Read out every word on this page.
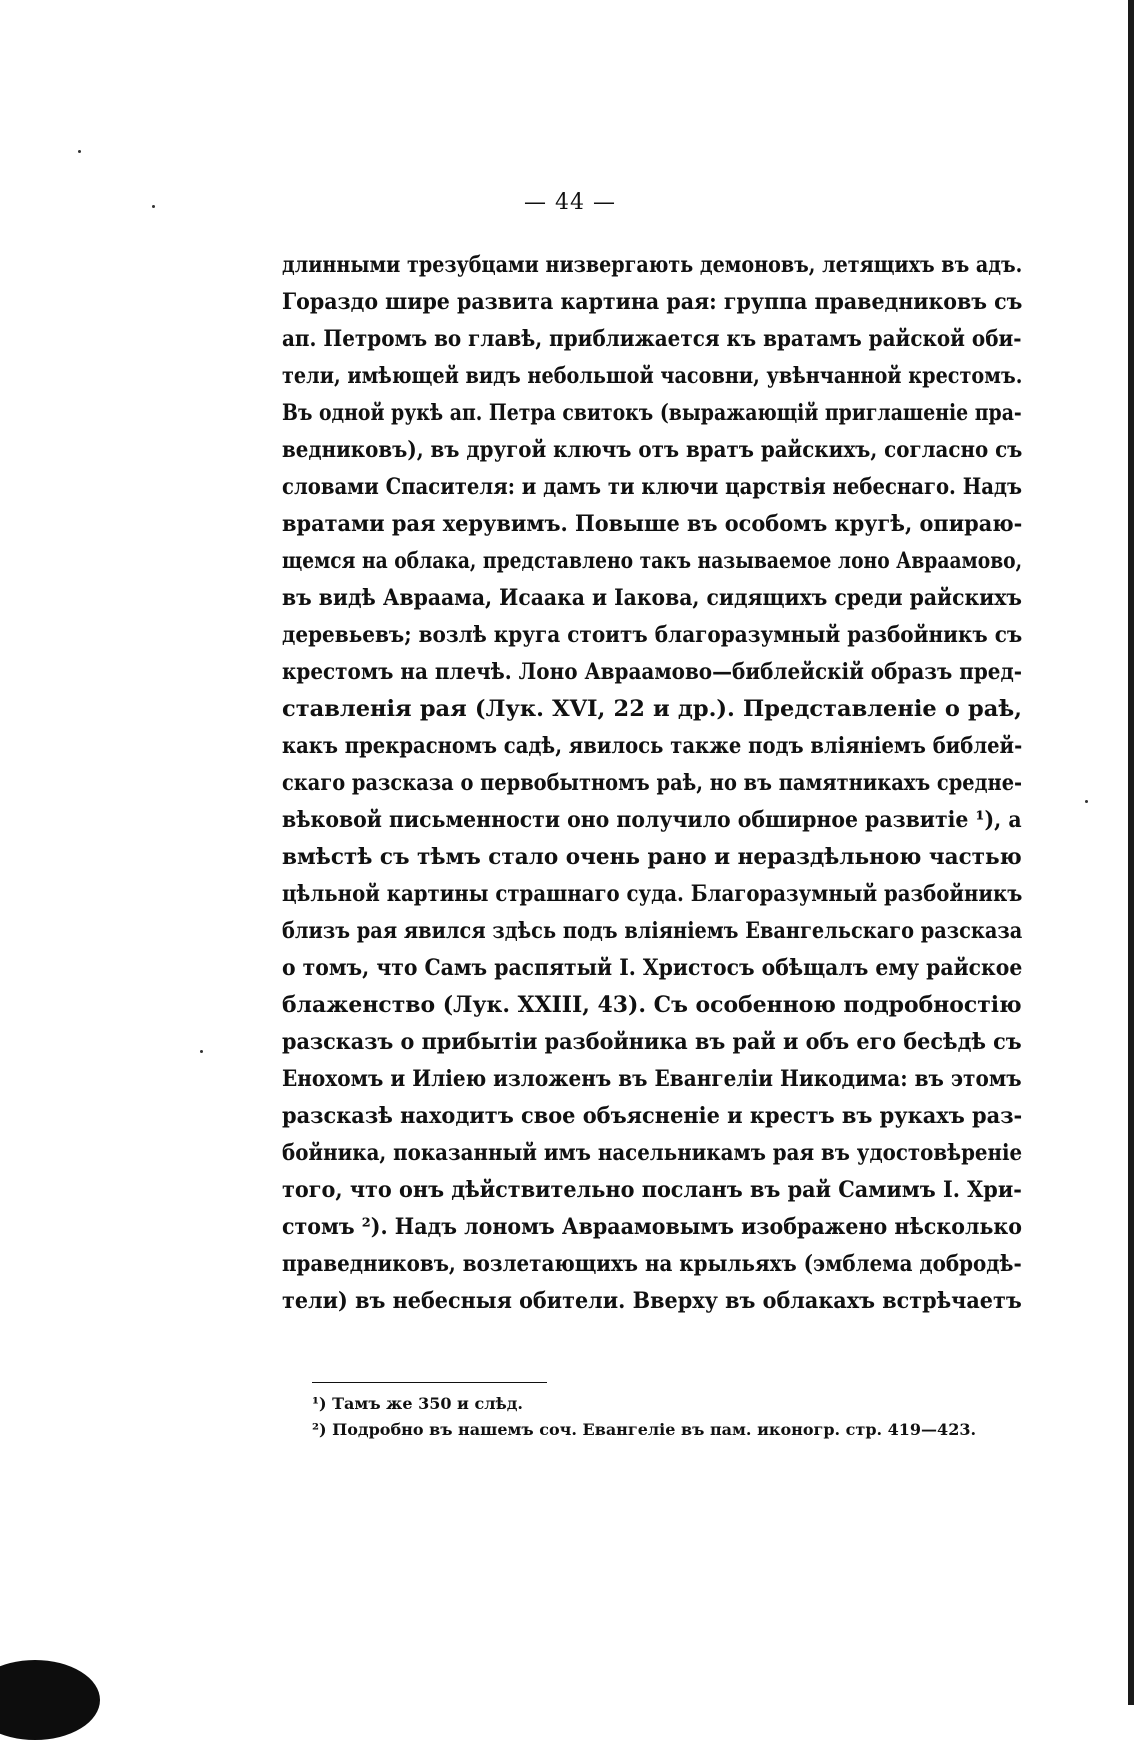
— 44 —
длинными трезубцами низвергають демоновъ, летящихъ въ адъ.
Гораздо шире развита картина рая: группа праведниковъ съ
ап. Петромъ во главѣ, приближается къ вратамъ райской оби-
тели, имѣющей видъ небольшой часовни, увѣнчанной крестомъ.
Въ одной рукѣ ап. Петра свитокъ (выражающiй приглашенiе пра-
ведниковъ), въ другой ключъ отъ вратъ райскихъ, согласно съ
словами Спасителя: и дамъ ти ключи царствiя небеснаго. Надъ
вратами рая херувимъ. Повыше въ особомъ кругѣ, опираю-
щемся на облака, представлено такъ называемое лоно Авраамово,
въ видѣ Авраама, Исаака и Iакова, сидящихъ среди райскихъ
деревьевъ; возлѣ круга стоитъ благоразумный разбойникъ съ
крестомъ на плечѣ. Лоно Авраамово—библейскiй образъ пред-
ставленiя рая (Лук. XVI, 22 и др.). Представленiе о раѣ,
какъ прекрасномъ садѣ, явилось также подъ влiянiемъ библей-
скаго разсказа о первобытномъ раѣ, но въ памятникахъ средне-
вѣковой письменности оно получило обширное развитiе ¹), а
вмѣстѣ съ тѣмъ стало очень рано и нераздѣльною частью
цѣльной картины страшнаго суда. Благоразумный разбойникъ
близъ рая явился здѣсь подъ влiянiемъ Евангельскаго разсказа
о томъ, что Самъ распятый I. Христосъ обѣщалъ ему райское
блаженство (Лук. XXIII, 43). Съ особенною подробностiю
разсказъ о прибытiи разбойника въ рай и объ его бесѣдѣ съ
Енохомъ и Илiею изложенъ въ Евангелiи Никодима: въ этомъ
разсказѣ находитъ свое объясненiе и крестъ въ рукахъ раз-
бойника, показанный имъ насельникамъ рая въ удостовѣренiе
того, что онъ дѣйствительно посланъ въ рай Самимъ I. Хри-
стомъ ²). Надъ лономъ Авраамовымъ изображено нѣсколько
праведниковъ, возлетающихъ на крыльяхъ (эмблема добродѣ-
тели) въ небесныя обители. Вверху въ облакахъ встрѣчаетъ
¹) Тамъ же 350 и слѣд.
²) Подробно въ нашемъ соч. Евангелiе въ пам. иконогр. стр. 419—423.
